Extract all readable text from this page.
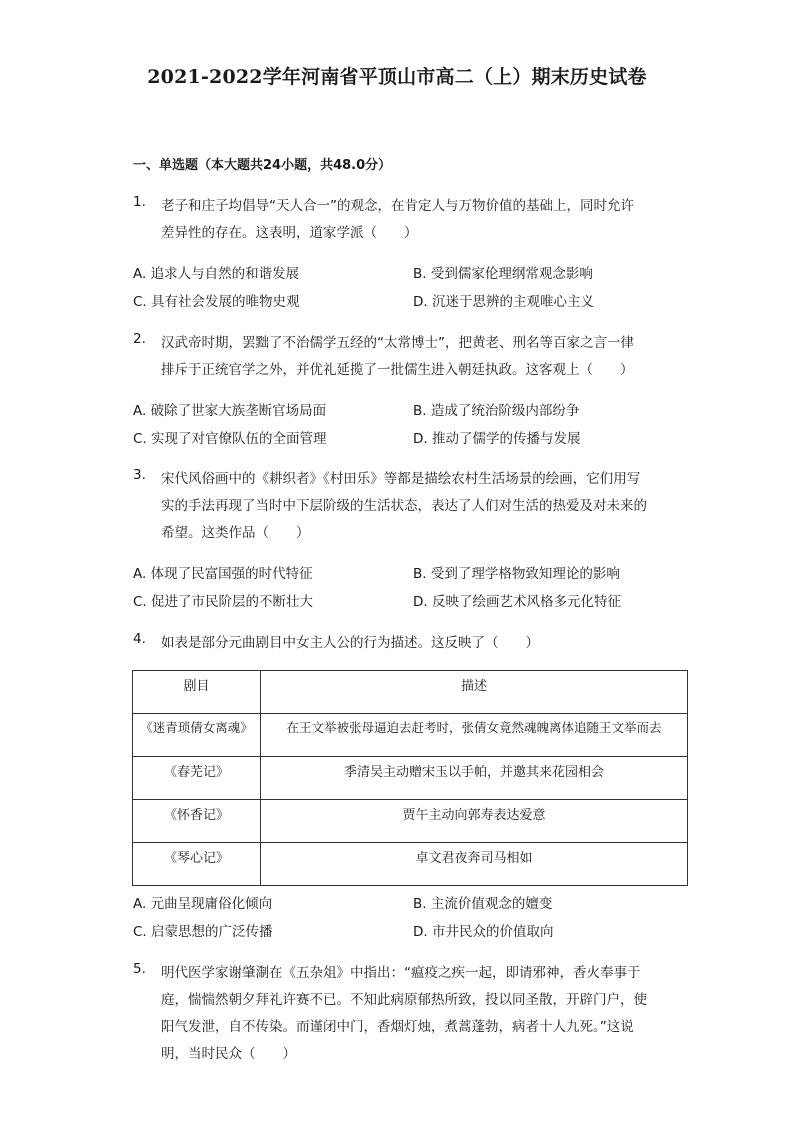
2021-2022学年河南省平顶山市高二（上）期末历史试卷
一、单选题（本大题共24小题，共48.0分）
1.	老子和庄子均倡导“天人合一”的观念，在肯定人与万物价值的基础上，同时允许
差异性的存在。这表明，道家学派（　　）
A. 追求人与自然的和谐发展	B. 受到儒家伦理纲常观念影响
C. 具有社会发展的唯物史观	D. 沉迷于思辨的主观唯心主义
2.	汉武帝时期，罢黜了不治儒学五经的“太常博士”，把黄老、刑名等百家之言一律
排斥于正统官学之外，并优礼延揽了一批儒生进入朝廷执政。这客观上（　　）
A. 破除了世家大族垄断官场局面	B. 造成了统治阶级内部纷争
C. 实现了对官僚队伍的全面管理	D. 推动了儒学的传播与发展
3.	宋代风俗画中的《耕织者》《村田乐》等都是描绘农村生活场景的绘画，它们用写
实的手法再现了当时中下层阶级的生活状态，表达了人们对生活的热爱及对未来的
希望。这类作品（　　）
A. 体现了民富国强的时代特征	B. 受到了理学格物致知理论的影响
C. 促进了市民阶层的不断壮大	D. 反映了绘画艺术风格多元化特征
4.	如表是部分元曲剧目中女主人公的行为描述。这反映了（　　）
剧目	描述

《迷青琐倩女离魂》	在王文举被张母逼迫去赶考时，张倩女竟然魂魄离体追随王文举而去

《春芜记》	季清吴主动赠宋玉以手帕，并邀其来花园相会

《怀香记》	贾午主动向郭寿表达爱意

《琴心记》	卓文君夜奔司马相如
A. 元曲呈现庸俗化倾向	B. 主流价值观念的嬗变
C. 启蒙思想的广泛传播	D. 市井民众的价值取向
5.	明代医学家谢肇淛在《五杂俎》中指出：“瘟疫之疾一起，即请邪神，香火奉事于
庭，惴惴然朝夕拜礼许赛不已。不知此病原郁热所致，投以同圣散，开辟门户，使
阳气发泄，自不传染。而谨闭中门，香烟灯烛，煮蒿蓬勃，病者十人九死。”这说
明，当时民众（　　）
